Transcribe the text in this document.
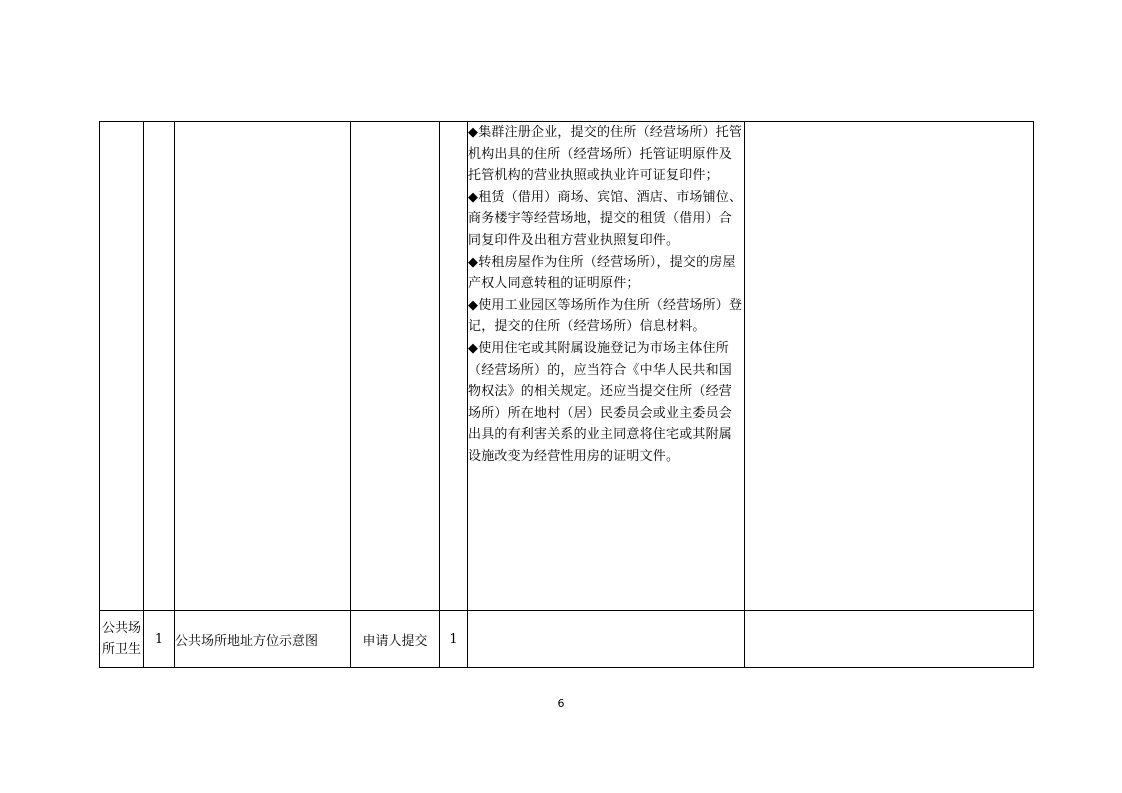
					◆集群注册企业，提交的住所（经营场所）托管机构出具的住所（经营场所）托管证明原件及托管机构的营业执照或执业许可证复印件；
◆租赁（借用）商场、宾馆、酒店、市场铺位、商务楼宇等经营场地，提交的租赁（借用）合同复印件及出租方营业执照复印件。
◆转租房屋作为住所（经营场所），提交的房屋产权人同意转租的证明原件；
◆使用工业园区等场所作为住所（经营场所）登记，提交的住所（经营场所）信息材料。
◆使用住宅或其附属设施登记为市场主体住所（经营场所）的，应当符合《中华人民共和国物权法》的相关规定。还应当提交住所（经营场所）所在地村（居）民委员会或业主委员会出具的有利害关系的业主同意将住宅或其附属设施改变为经营性用房的证明文件。	

公共场所卫生	1	公共场所地址方位示意图	申请人提交	1		
6
